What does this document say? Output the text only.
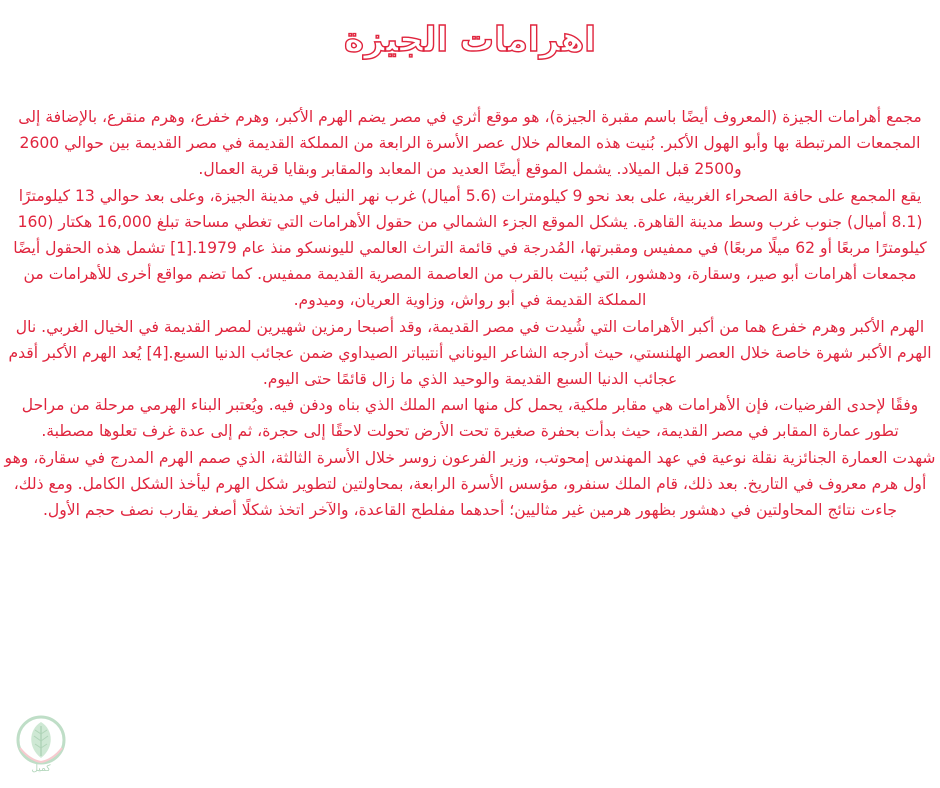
اهرامات الجيزة

مجمع أهرامات الجيزة (المعروف أيضًا باسم مقبرة الجيزة)، هو موقع أثري في مصر يضم الهرم الأكبر، وهرم خفرع، وهرم منقرع، بالإضافة إلى المجمعات المرتبطة بها وأبو الهول الأكبر. بُنيت هذه المعالم خلال عصر الأسرة الرابعة من المملكة القديمة في مصر القديمة بين حوالي 2600 و2500 قبل الميلاد. يشمل الموقع أيضًا العديد من المعابد والمقابر وبقايا قرية العمال.

يقع المجمع على حافة الصحراء الغربية، على بعد نحو 9 كيلومترات (5.6 أميال) غرب نهر النيل في مدينة الجيزة، وعلى بعد حوالي 13 كيلومترًا (8.1 أميال) جنوب غرب وسط مدينة القاهرة. يشكل الموقع الجزء الشمالي من حقول الأهرامات التي تغطي مساحة تبلغ 16,000 هكتار (160 كيلومترًا مربعًا أو 62 ميلًا مربعًا) في ممفيس ومقبرتها، المُدرجة في قائمة التراث العالمي لليونسكو منذ عام 1979.[1] تشمل هذه الحقول أيضًا مجمعات أهرامات أبو صير، وسقارة، ودهشور، التي بُنيت بالقرب من العاصمة المصرية القديمة ممفيس. كما تضم مواقع أخرى للأهرامات من المملكة القديمة في أبو رواش، وزاوية العريان، وميدوم.

الهرم الأكبر وهرم خفرع هما من أكبر الأهرامات التي شُيدت في مصر القديمة، وقد أصبحا رمزين شهيرين لمصر القديمة في الخيال الغربي. نال الهرم الأكبر شهرة خاصة خلال العصر الهلنستي، حيث أدرجه الشاعر اليوناني أنتيباتر الصيداوي ضمن عجائب الدنيا السبع.[4] يُعد الهرم الأكبر أقدم عجائب الدنيا السبع القديمة والوحيد الذي ما زال قائمًا حتى اليوم.

وفقًا لإحدى الفرضيات، فإن الأهرامات هي مقابر ملكية، يحمل كل منها اسم الملك الذي بناه ودفن فيه. ويُعتبر البناء الهرمي مرحلة من مراحل تطور عمارة المقابر في مصر القديمة، حيث بدأت بحفرة صغيرة تحت الأرض تحولت لاحقًا إلى حجرة، ثم إلى عدة غرف تعلوها مصطبة.

شهدت العمارة الجنائزية نقلة نوعية في عهد المهندس إمحوتب، وزير الفرعون زوسر خلال الأسرة الثالثة، الذي صمم الهرم المدرج في سقارة، وهو أول هرم معروف في التاريخ. بعد ذلك، قام الملك سنفرو، مؤسس الأسرة الرابعة، بمحاولتين لتطوير شكل الهرم ليأخذ الشكل الكامل. ومع ذلك، جاءت نتائج المحاولتين في دهشور بظهور هرمين غير مثاليين؛ أحدهما مفلطح القاعدة، والآخر اتخذ شكلًا أصغر يقارب نصف حجم الأول.

كميل
